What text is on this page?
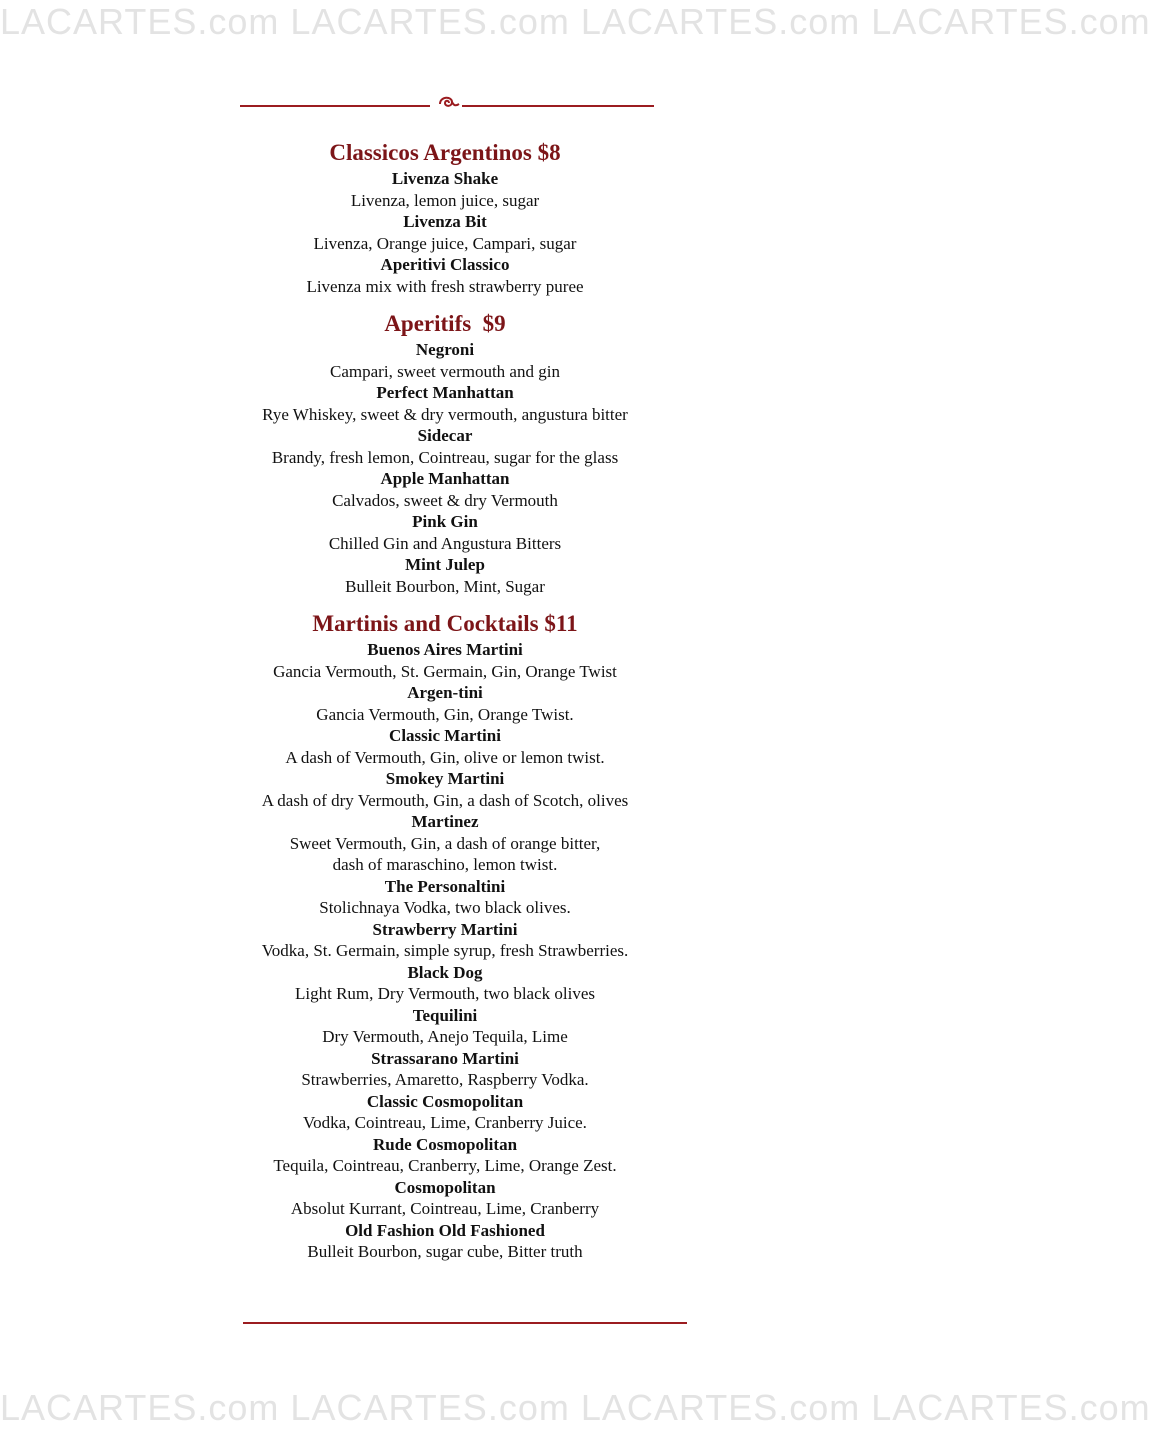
LACARTES.com LACARTES.com LACARTES.com LACARTES.com
Classicos Argentinos $8
Livenza Shake
Livenza, lemon juice, sugar
Livenza Bit
Livenza, Orange juice, Campari, sugar
Aperitivi Classico
Livenza mix with fresh strawberry puree
Aperitifs  $9
Negroni
Campari, sweet vermouth and gin
Perfect Manhattan
Rye Whiskey, sweet & dry vermouth, angustura bitter
Sidecar
Brandy, fresh lemon, Cointreau, sugar for the glass
Apple Manhattan
Calvados, sweet & dry Vermouth
Pink Gin
Chilled Gin and Angustura Bitters
Mint Julep
Bulleit Bourbon, Mint, Sugar
Martinis and Cocktails $11
Buenos Aires Martini
Gancia Vermouth, St. Germain, Gin, Orange Twist
Argen-tini
Gancia Vermouth, Gin, Orange Twist.
Classic Martini
A dash of Vermouth, Gin, olive or lemon twist.
Smokey Martini
A dash of dry Vermouth, Gin, a dash of Scotch, olives
Martinez
Sweet Vermouth, Gin, a dash of orange bitter,
dash of maraschino, lemon twist.
The Personaltini
Stolichnaya Vodka, two black olives.
Strawberry Martini
Vodka, St. Germain, simple syrup, fresh Strawberries.
Black Dog
Light Rum, Dry Vermouth, two black olives
Tequilini
Dry Vermouth, Anejo Tequila, Lime
Strassarano Martini
Strawberries, Amaretto, Raspberry Vodka.
Classic Cosmopolitan
Vodka, Cointreau, Lime, Cranberry Juice.
Rude Cosmopolitan
Tequila, Cointreau, Cranberry, Lime, Orange Zest.
Cosmopolitan
Absolut Kurrant, Cointreau, Lime, Cranberry
Old Fashion Old Fashioned
Bulleit Bourbon, sugar cube, Bitter truth
LACARTES.com LACARTES.com LACARTES.com LACARTES.com
